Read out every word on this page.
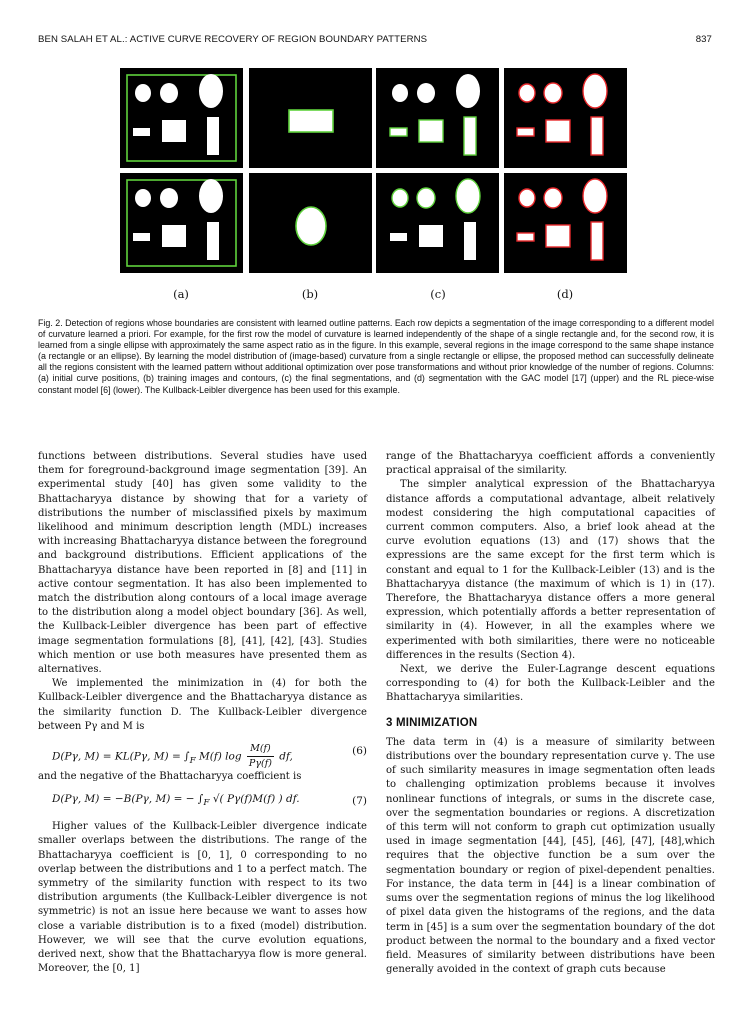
BEN SALAH ET AL.: ACTIVE CURVE RECOVERY OF REGION BOUNDARY PATTERNS	837
(a)	(b)	(c)	(d)
Fig. 2. Detection of regions whose boundaries are consistent with learned outline patterns. Each row depicts a segmentation of the image corresponding to a different model of curvature learned a priori. For example, for the first row the model of curvature is learned independently of the shape of a single rectangle and, for the second row, it is learned from a single ellipse with approximately the same aspect ratio as in the figure. In this example, several regions in the image correspond to the same shape instance (a rectangle or an ellipse). By learning the model distribution of (image-based) curvature from a single rectangle or ellipse, the proposed method can successfully delineate all the regions consistent with the learned pattern without additional optimization over pose transformations and without prior knowledge of the number of regions. Columns: (a) initial curve positions, (b) training images and contours, (c) the final segmentations, and (d) segmentation with the GAC model [17] (upper) and the RL piece-wise constant model [6] (lower). The Kullback-Leibler divergence has been used for this example.

functions between distributions. Several studies have used them for foreground-background image segmentation [39]. An experimental study [40] has given some validity to the Bhattacharyya distance by showing that for a variety of distributions the number of misclassified pixels by maximum likelihood and minimum description length (MDL) increases with increasing Bhattacharyya distance between the foreground and background distributions. Efficient applications of the Bhattacharyya distance have been reported in [8] and [11] in active contour segmentation. It has also been implemented to match the distribution along contours of a local image average to the distribution along a model object boundary [36]. As well, the Kullback-Leibler divergence has been part of effective image segmentation formulations [8], [41], [42], [43]. Studies which mention or use both measures have presented them as alternatives.

We implemented the minimization in (4) for both the Kullback-Leibler divergence and the Bhattacharyya distance as the similarity function D. The Kullback-Leibler divergence between Pγ and M is

D(Pγ, M) = KL(Pγ, $M) = \int_F$ M(f) $\log \frac{M(f)}{P\gamma(f)}$ df,	(6)

and the negative of the Bhattacharyya coefficient is

D(Pγ, M) = −B(Pγ, M) = − $\int_F$ √( Pγ(f)M(f) ) df.	(7)

Higher values of the Kullback-Leibler divergence indicate smaller overlaps between the distributions. The range of the Bhattacharyya coefficient is [0, 1], 0 corresponding to no overlap between the distributions and 1 to a perfect match. The symmetry of the similarity function with respect to its two distribution arguments (the Kullback-Leibler divergence is not symmetric) is not an issue here because we want to asses how close a variable distribution is to a fixed (model) distribution. However, we will see that the curve evolution equations, derived next, show that the Bhattacharyya flow is more general. Moreover, the [0, 1]

range of the Bhattacharyya coefficient affords a conveniently practical appraisal of the similarity.

The simpler analytical expression of the Bhattacharyya distance affords a computational advantage, albeit relatively modest considering the high computational capacities of current common computers. Also, a brief look ahead at the curve evolution equations (13) and (17) shows that the expressions are the same except for the first term which is constant and equal to 1 for the Kullback-Leibler (13) and is the Bhattacharyya distance (the maximum of which is 1) in (17). Therefore, the Bhattacharyya distance offers a more general expression, which potentially affords a better representation of similarity in (4). However, in all the examples where we experimented with both similarities, there were no noticeable differences in the results (Section 4).

Next, we derive the Euler-Lagrange descent equations corresponding to (4) for both the Kullback-Leibler and the Bhattacharyya similarities.

3 MINIMIZATION

The data term in (4) is a measure of similarity between distributions over the boundary representation curve γ. The use of such similarity measures in image segmentation often leads to challenging optimization problems because it involves nonlinear functions of integrals, or sums in the discrete case, over the segmentation boundaries or regions. A discretization of this term will not conform to graph cut optimization usually used in image segmentation [44], [45], [46], [47], [48],which requires that the objective function be a sum over the segmentation boundary or region of pixel-dependent penalties. For instance, the data term in [44] is a linear combination of sums over the segmentation regions of minus the log likelihood of pixel data given the histograms of the regions, and the data term in [45] is a sum over the segmentation boundary of the dot product between the normal to the boundary and a fixed vector field. Measures of similarity between distributions have been generally avoided in the context of graph cuts because
